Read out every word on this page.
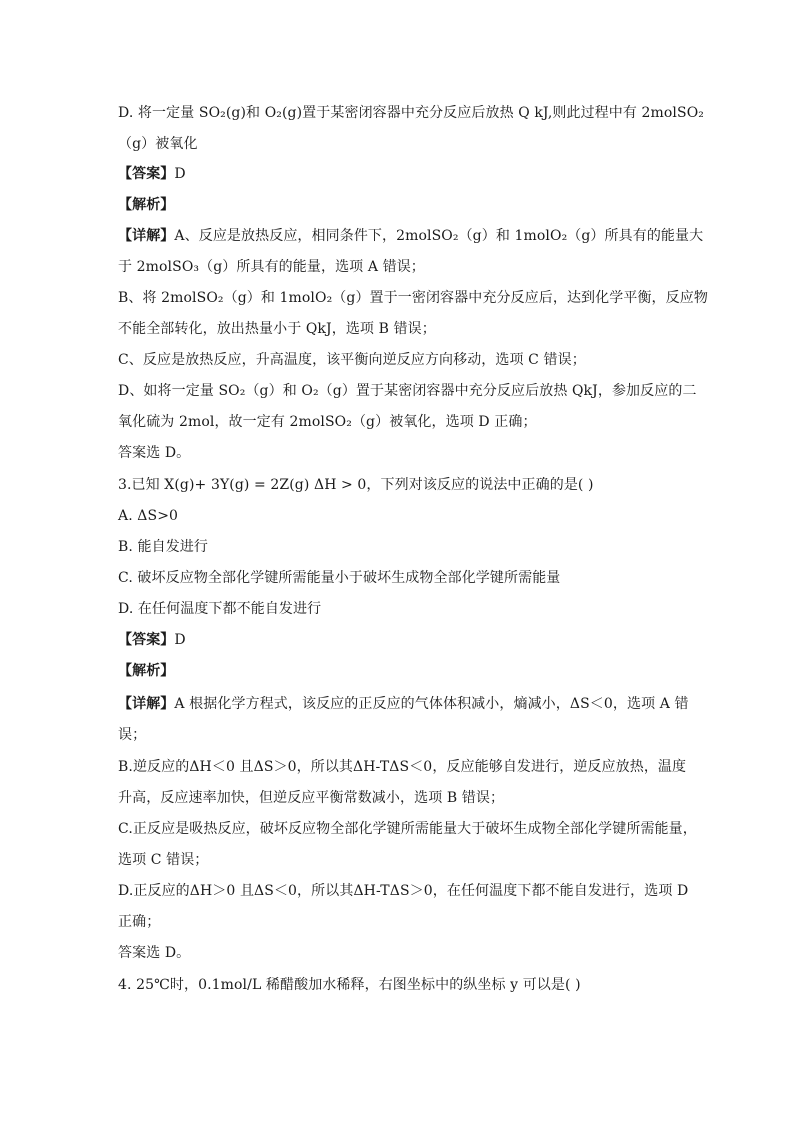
D. 将一定量 SO₂(g)和 O₂(g)置于某密闭容器中充分反应后放热 Q kJ,则此过程中有 2molSO₂
（g）被氧化
【答案】D
【解析】
【详解】A、反应是放热反应，相同条件下，2molSO₂（g）和 1molO₂（g）所具有的能量大
于 2molSO₃（g）所具有的能量，选项 A 错误；
B、将 2molSO₂（g）和 1molO₂（g）置于一密闭容器中充分反应后，达到化学平衡，反应物
不能全部转化，放出热量小于 QkJ，选项 B 错误；
C、反应是放热反应，升高温度，该平衡向逆反应方向移动，选项 C 错误；
D、如将一定量 SO₂（g）和 O₂（g）置于某密闭容器中充分反应后放热 QkJ，参加反应的二
氧化硫为 2mol，故一定有 2molSO₂（g）被氧化，选项 D 正确；
答案选 D。
3.已知 X(g)+ 3Y(g) = 2Z(g) ΔH > 0，下列对该反应的说法中正确的是( )
A. ΔS>0
B. 能自发进行
C. 破坏反应物全部化学键所需能量小于破坏生成物全部化学键所需能量
D. 在任何温度下都不能自发进行
【答案】D
【解析】
【详解】A 根据化学方程式，该反应的正反应的气体体积减小，熵减小，ΔS＜0，选项 A 错
误；
B.逆反应的ΔH＜0 且ΔS＞0，所以其ΔH-TΔS＜0，反应能够自发进行，逆反应放热，温度
升高，反应速率加快，但逆反应平衡常数减小，选项 B 错误；
C.正反应是吸热反应，破坏反应物全部化学键所需能量大于破坏生成物全部化学键所需能量，
选项 C 错误；
D.正反应的ΔH＞0 且ΔS＜0，所以其ΔH-TΔS＞0，在任何温度下都不能自发进行，选项 D
正确；
答案选 D。
4. 25℃时，0.1mol/L 稀醋酸加水稀释，右图坐标中的纵坐标 y 可以是( )
